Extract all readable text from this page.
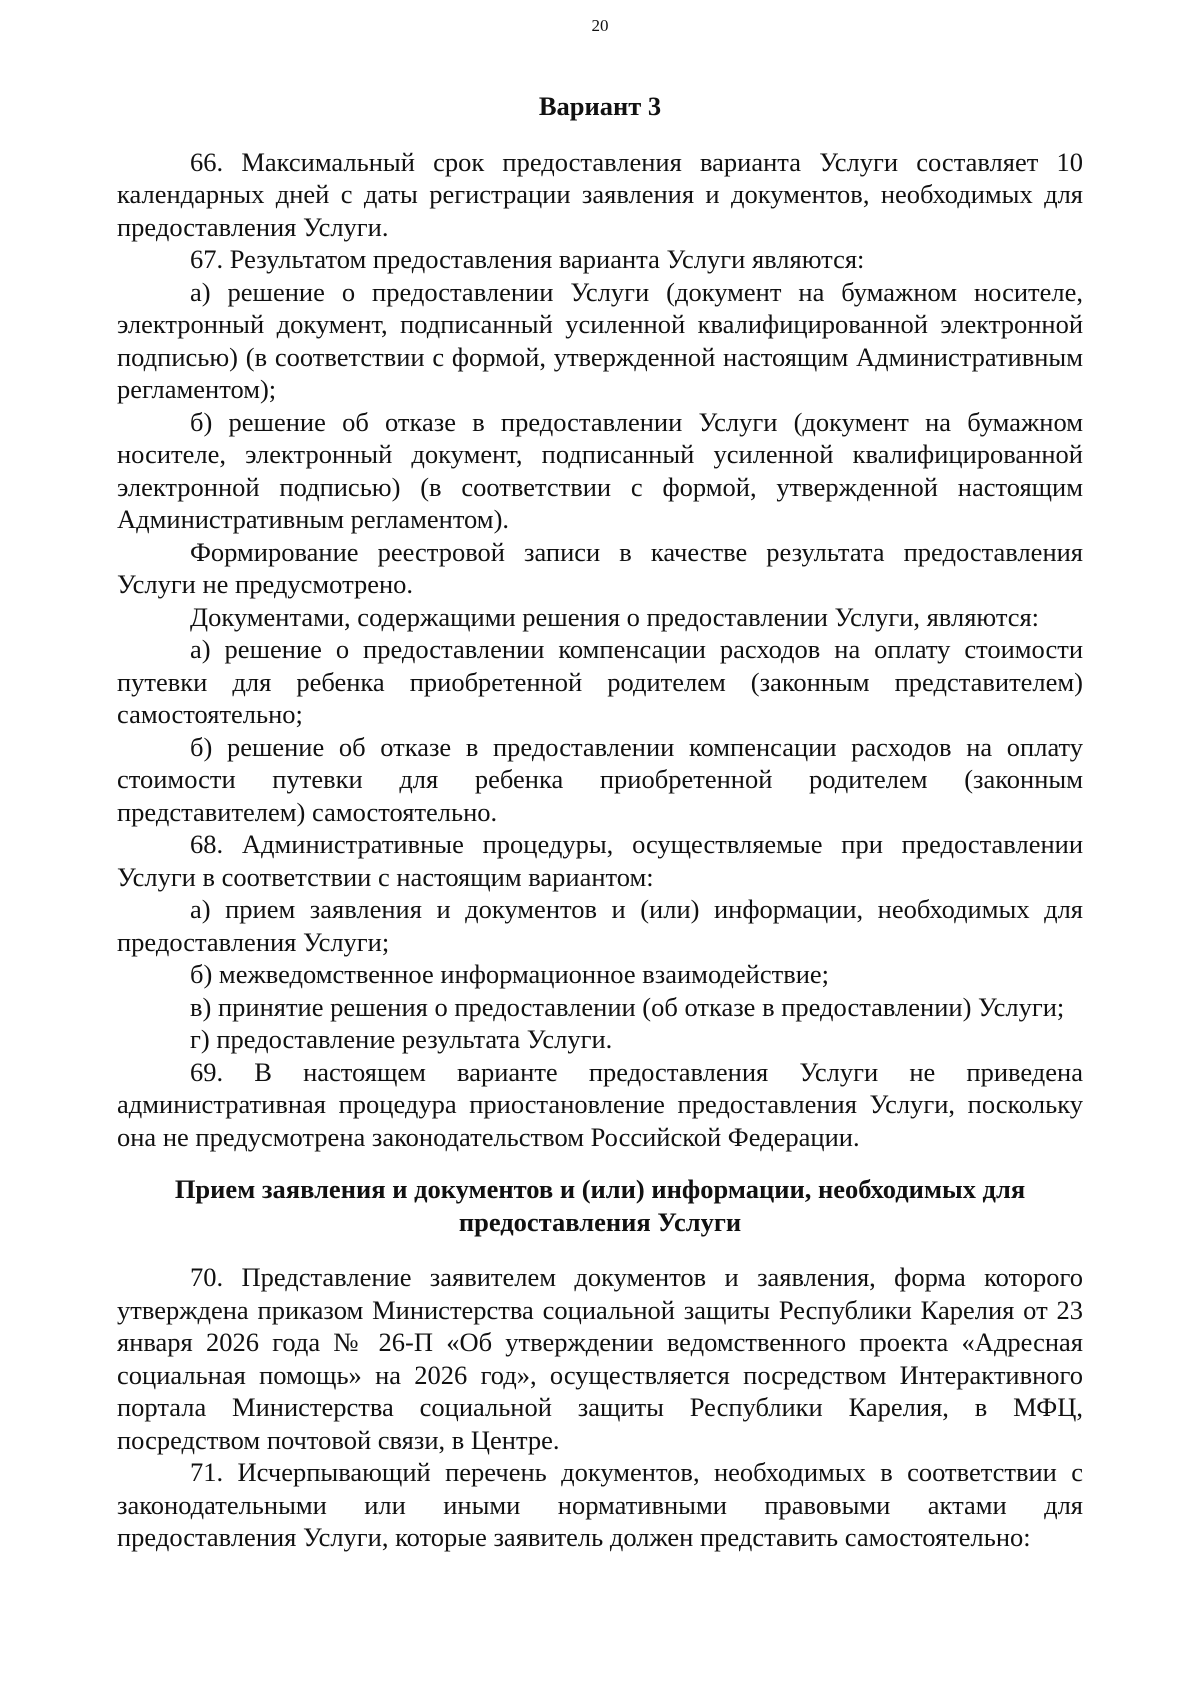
20
Вариант 3

66. Максимальный срок предоставления варианта Услуги составляет 10 календарных дней с даты регистрации заявления и документов, необходимых для предоставления Услуги.

67. Результатом предоставления варианта Услуги являются:

а) решение о предоставлении Услуги (документ на бумажном носителе, электронный документ, подписанный усиленной квалифицированной электронной подписью) (в соответствии с формой, утвержденной настоящим Административным регламентом);

б) решение об отказе в предоставлении Услуги (документ на бумажном носителе, электронный документ, подписанный усиленной квалифицированной электронной подписью) (в соответствии с формой, утвержденной настоящим Административным регламентом).

Формирование реестровой записи в качестве результата предоставления Услуги не предусмотрено.

Документами, содержащими решения о предоставлении Услуги, являются:

а) решение о предоставлении компенсации расходов на оплату стоимости путевки для ребенка приобретенной родителем (законным представителем) самостоятельно;

б) решение об отказе в предоставлении компенсации расходов на оплату стоимости путевки для ребенка приобретенной родителем (законным представителем) самостоятельно.

68. Административные процедуры, осуществляемые при предоставлении Услуги в соответствии с настоящим вариантом:

а) прием заявления и документов и (или) информации, необходимых для предоставления Услуги;

б) межведомственное информационное взаимодействие;

в) принятие решения о предоставлении (об отказе в предоставлении) Услуги;

г) предоставление результата Услуги.

69. В настоящем варианте предоставления Услуги не приведена административная процедура приостановление предоставления Услуги, поскольку она не предусмотрена законодательством Российской Федерации.

Прием заявления и документов и (или) информации, необходимых для
предоставления Услуги

70. Представление заявителем документов и заявления, форма которого утверждена приказом Министерства социальной защиты Республики Карелия от 23 января 2026 года № 26-П «Об утверждении ведомственного проекта «Адресная социальная помощь» на 2026 год», осуществляется посредством Интерактивного портала Министерства социальной защиты Республики Карелия, в МФЦ, посредством почтовой связи, в Центре.

71. Исчерпывающий перечень документов, необходимых в соответствии с законодательными или иными нормативными правовыми актами для предоставления Услуги, которые заявитель должен представить самостоятельно:
